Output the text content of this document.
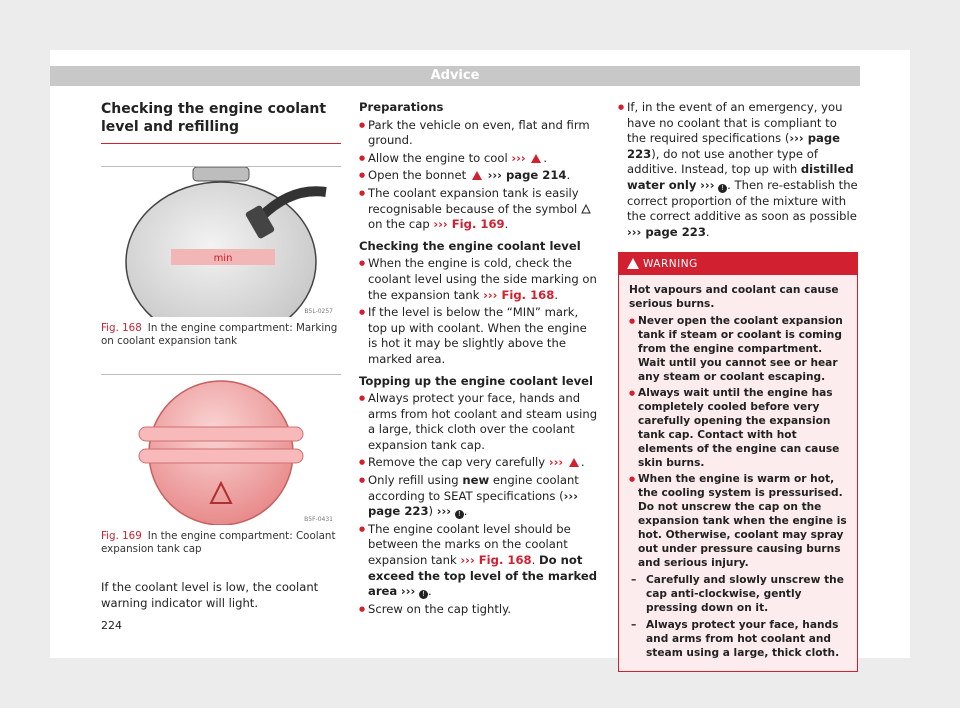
Advice
Checking the engine coolant level and refilling
min
B5L-0257
Fig. 168 In the engine compartment: Marking on coolant expansion tank
B5F-0431
Fig. 169 In the engine compartment: Coolant expansion tank cap

If the coolant level is low, the coolant warning indicator will light.

Preparations

● Park the vehicle on even, flat and firm ground.

● Allow the engine to cool ››› .

● Open the bonnet ››› page 214.

● The coolant expansion tank is easily recognisable because of the symbol  on the cap ››› Fig. 169.

Checking the engine coolant level

● When the engine is cold, check the coolant level using the side marking on the expansion tank ››› Fig. 168.

● If the level is below the “MIN” mark, top up with coolant. When the engine is hot it may be slightly above the marked area.

Topping up the engine coolant level

● Always protect your face, hands and arms from hot coolant and steam using a large, thick cloth over the coolant expansion tank cap.

● Remove the cap very carefully ››› .

● Only refill using new engine coolant according to SEAT specifications (››› page 223) ››› ! .

● The engine coolant level should be between the marks on the coolant expansion tank ››› Fig. 168. Do not exceed the top level of the marked area ››› ! .

● Screw on the cap tightly.

● If, in the event of an emergency, you have no coolant that is compliant to the required specifications (››› page 223), do not use another type of additive. Instead, top up with distilled water only ››› ! . Then re-establish the correct proportion of the mixture with the correct additive as soon as possible ››› page 223.

WARNING

Hot vapours and coolant can cause serious burns.

● Never open the coolant expansion tank if steam or coolant is coming from the engine compartment. Wait until you cannot see or hear any steam or coolant escaping.

● Always wait until the engine has completely cooled before very carefully opening the expansion tank cap. Contact with hot elements of the engine can cause skin burns.

● When the engine is warm or hot, the cooling system is pressurised. Do not unscrew the cap on the expansion tank when the engine is hot. Otherwise, coolant may spray out under pressure causing burns and serious injury.

– Carefully and slowly unscrew the cap anti-clockwise, gently pressing down on it.

– Always protect your face, hands and arms from hot coolant and steam using a large, thick cloth.

224
